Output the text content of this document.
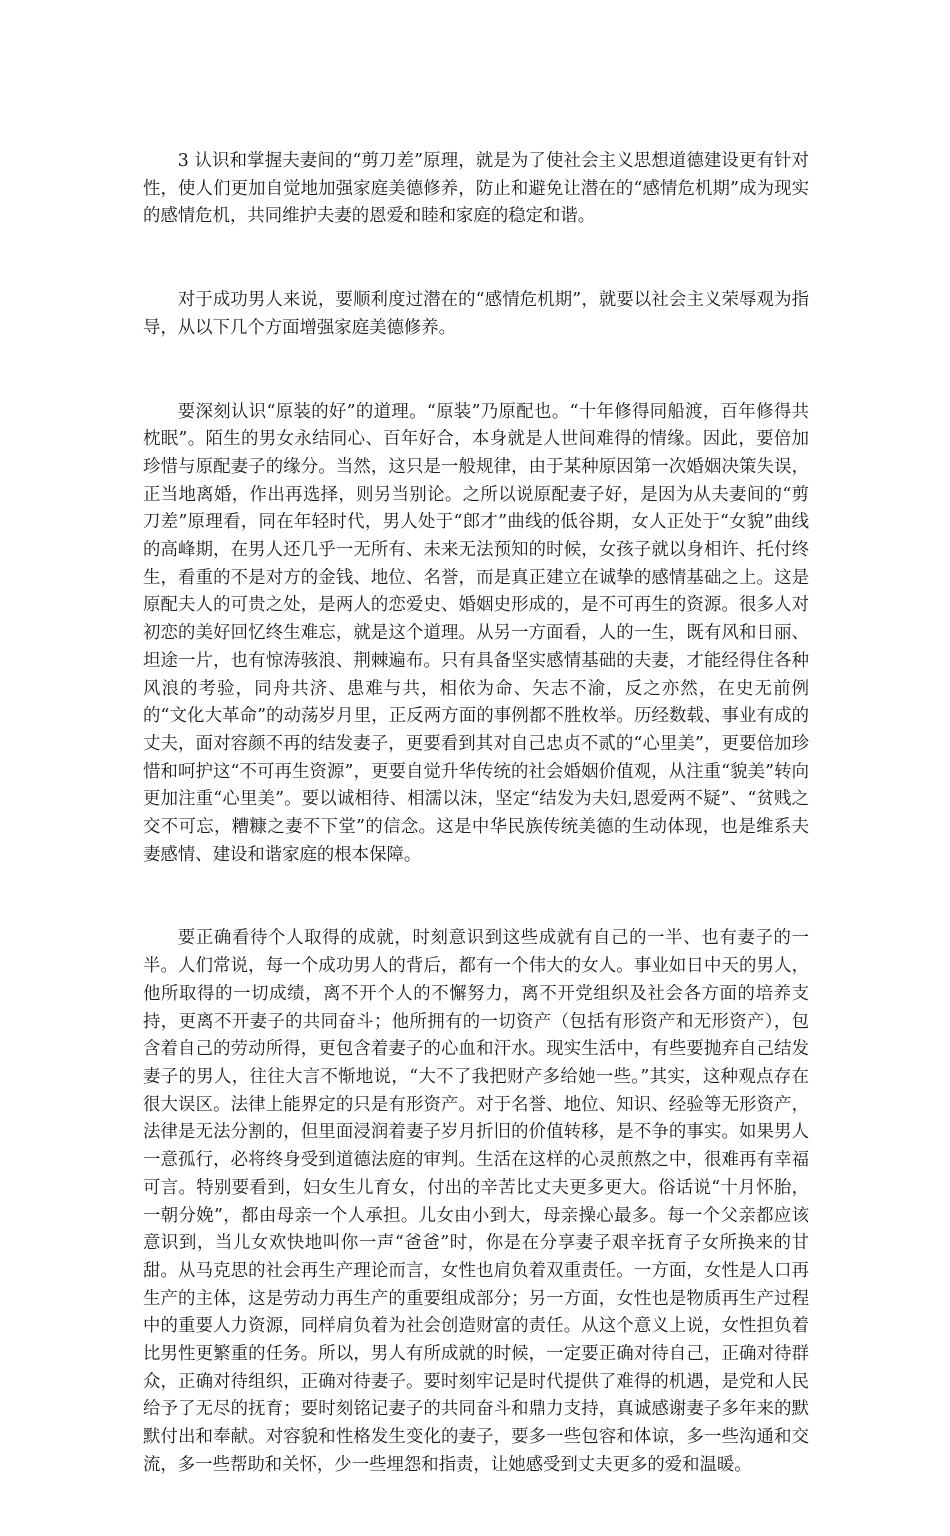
3 认识和掌握夫妻间的“剪刀差”原理，就是为了使社会主义思想道德建设更有针对性，使人们更加自觉地加强家庭美德修养，防止和避免让潜在的“感情危机期”成为现实的感情危机，共同维护夫妻的恩爱和睦和家庭的稳定和谐。

对于成功男人来说，要顺利度过潜在的“感情危机期”，就要以社会主义荣辱观为指导，从以下几个方面增强家庭美德修养。

要深刻认识“原装的好”的道理。“原装”乃原配也。“十年修得同船渡，百年修得共枕眠”。陌生的男女永结同心、百年好合，本身就是人世间难得的情缘。因此，要倍加珍惜与原配妻子的缘分。当然，这只是一般规律，由于某种原因第一次婚姻决策失误，正当地离婚，作出再选择，则另当别论。之所以说原配妻子好，是因为从夫妻间的“剪刀差”原理看，同在年轻时代，男人处于“郎才”曲线的低谷期，女人正处于“女貌”曲线的高峰期，在男人还几乎一无所有、未来无法预知的时候，女孩子就以身相许、托付终生，看重的不是对方的金钱、地位、名誉，而是真正建立在诚挚的感情基础之上。这是原配夫人的可贵之处，是两人的恋爱史、婚姻史形成的，是不可再生的资源。很多人对初恋的美好回忆终生难忘，就是这个道理。从另一方面看，人的一生，既有风和日丽、坦途一片，也有惊涛骇浪、荆棘遍布。只有具备坚实感情基础的夫妻，才能经得住各种风浪的考验，同舟共济、患难与共，相依为命、矢志不渝，反之亦然，在史无前例的“文化大革命”的动荡岁月里，正反两方面的事例都不胜枚举。历经数载、事业有成的丈夫，面对容颜不再的结发妻子，更要看到其对自己忠贞不贰的“心里美”，更要倍加珍惜和呵护这“不可再生资源”，更要自觉升华传统的社会婚姻价值观，从注重“貌美”转向更加注重“心里美”。要以诚相待、相濡以沫，坚定“结发为夫妇,恩爱两不疑”、“贫贱之交不可忘，糟糠之妻不下堂”的信念。这是中华民族传统美德的生动体现，也是维系夫妻感情、建设和谐家庭的根本保障。

要正确看待个人取得的成就，时刻意识到这些成就有自己的一半、也有妻子的一半。人们常说，每一个成功男人的背后，都有一个伟大的女人。事业如日中天的男人，他所取得的一切成绩，离不开个人的不懈努力，离不开党组织及社会各方面的培养支持，更离不开妻子的共同奋斗；他所拥有的一切资产（包括有形资产和无形资产），包含着自己的劳动所得，更包含着妻子的心血和汗水。现实生活中，有些要抛弃自己结发妻子的男人，往往大言不惭地说，“大不了我把财产多给她一些。”其实，这种观点存在很大误区。法律上能界定的只是有形资产。对于名誉、地位、知识、经验等无形资产，法律是无法分割的，但里面浸润着妻子岁月折旧的价值转移，是不争的事实。如果男人一意孤行，必将终身受到道德法庭的审判。生活在这样的心灵煎熬之中，很难再有幸福可言。特别要看到，妇女生儿育女，付出的辛苦比丈夫更多更大。俗话说“十月怀胎，一朝分娩”，都由母亲一个人承担。儿女由小到大，母亲操心最多。每一个父亲都应该意识到，当儿女欢快地叫你一声“爸爸”时，你是在分享妻子艰辛抚育子女所换来的甘甜。从马克思的社会再生产理论而言，女性也肩负着双重责任。一方面，女性是人口再生产的主体，这是劳动力再生产的重要组成部分；另一方面，女性也是物质再生产过程中的重要人力资源，同样肩负着为社会创造财富的责任。从这个意义上说，女性担负着比男性更繁重的任务。所以，男人有所成就的时候，一定要正确对待自己，正确对待群众，正确对待组织，正确对待妻子。要时刻牢记是时代提供了难得的机遇，是党和人民给予了无尽的抚育；要时刻铭记妻子的共同奋斗和鼎力支持，真诚感谢妻子多年来的默默付出和奉献。对容貌和性格发生变化的妻子，要多一些包容和体谅，多一些沟通和交流，多一些帮助和关怀，少一些埋怨和指责，让她感受到丈夫更多的爱和温暖。
